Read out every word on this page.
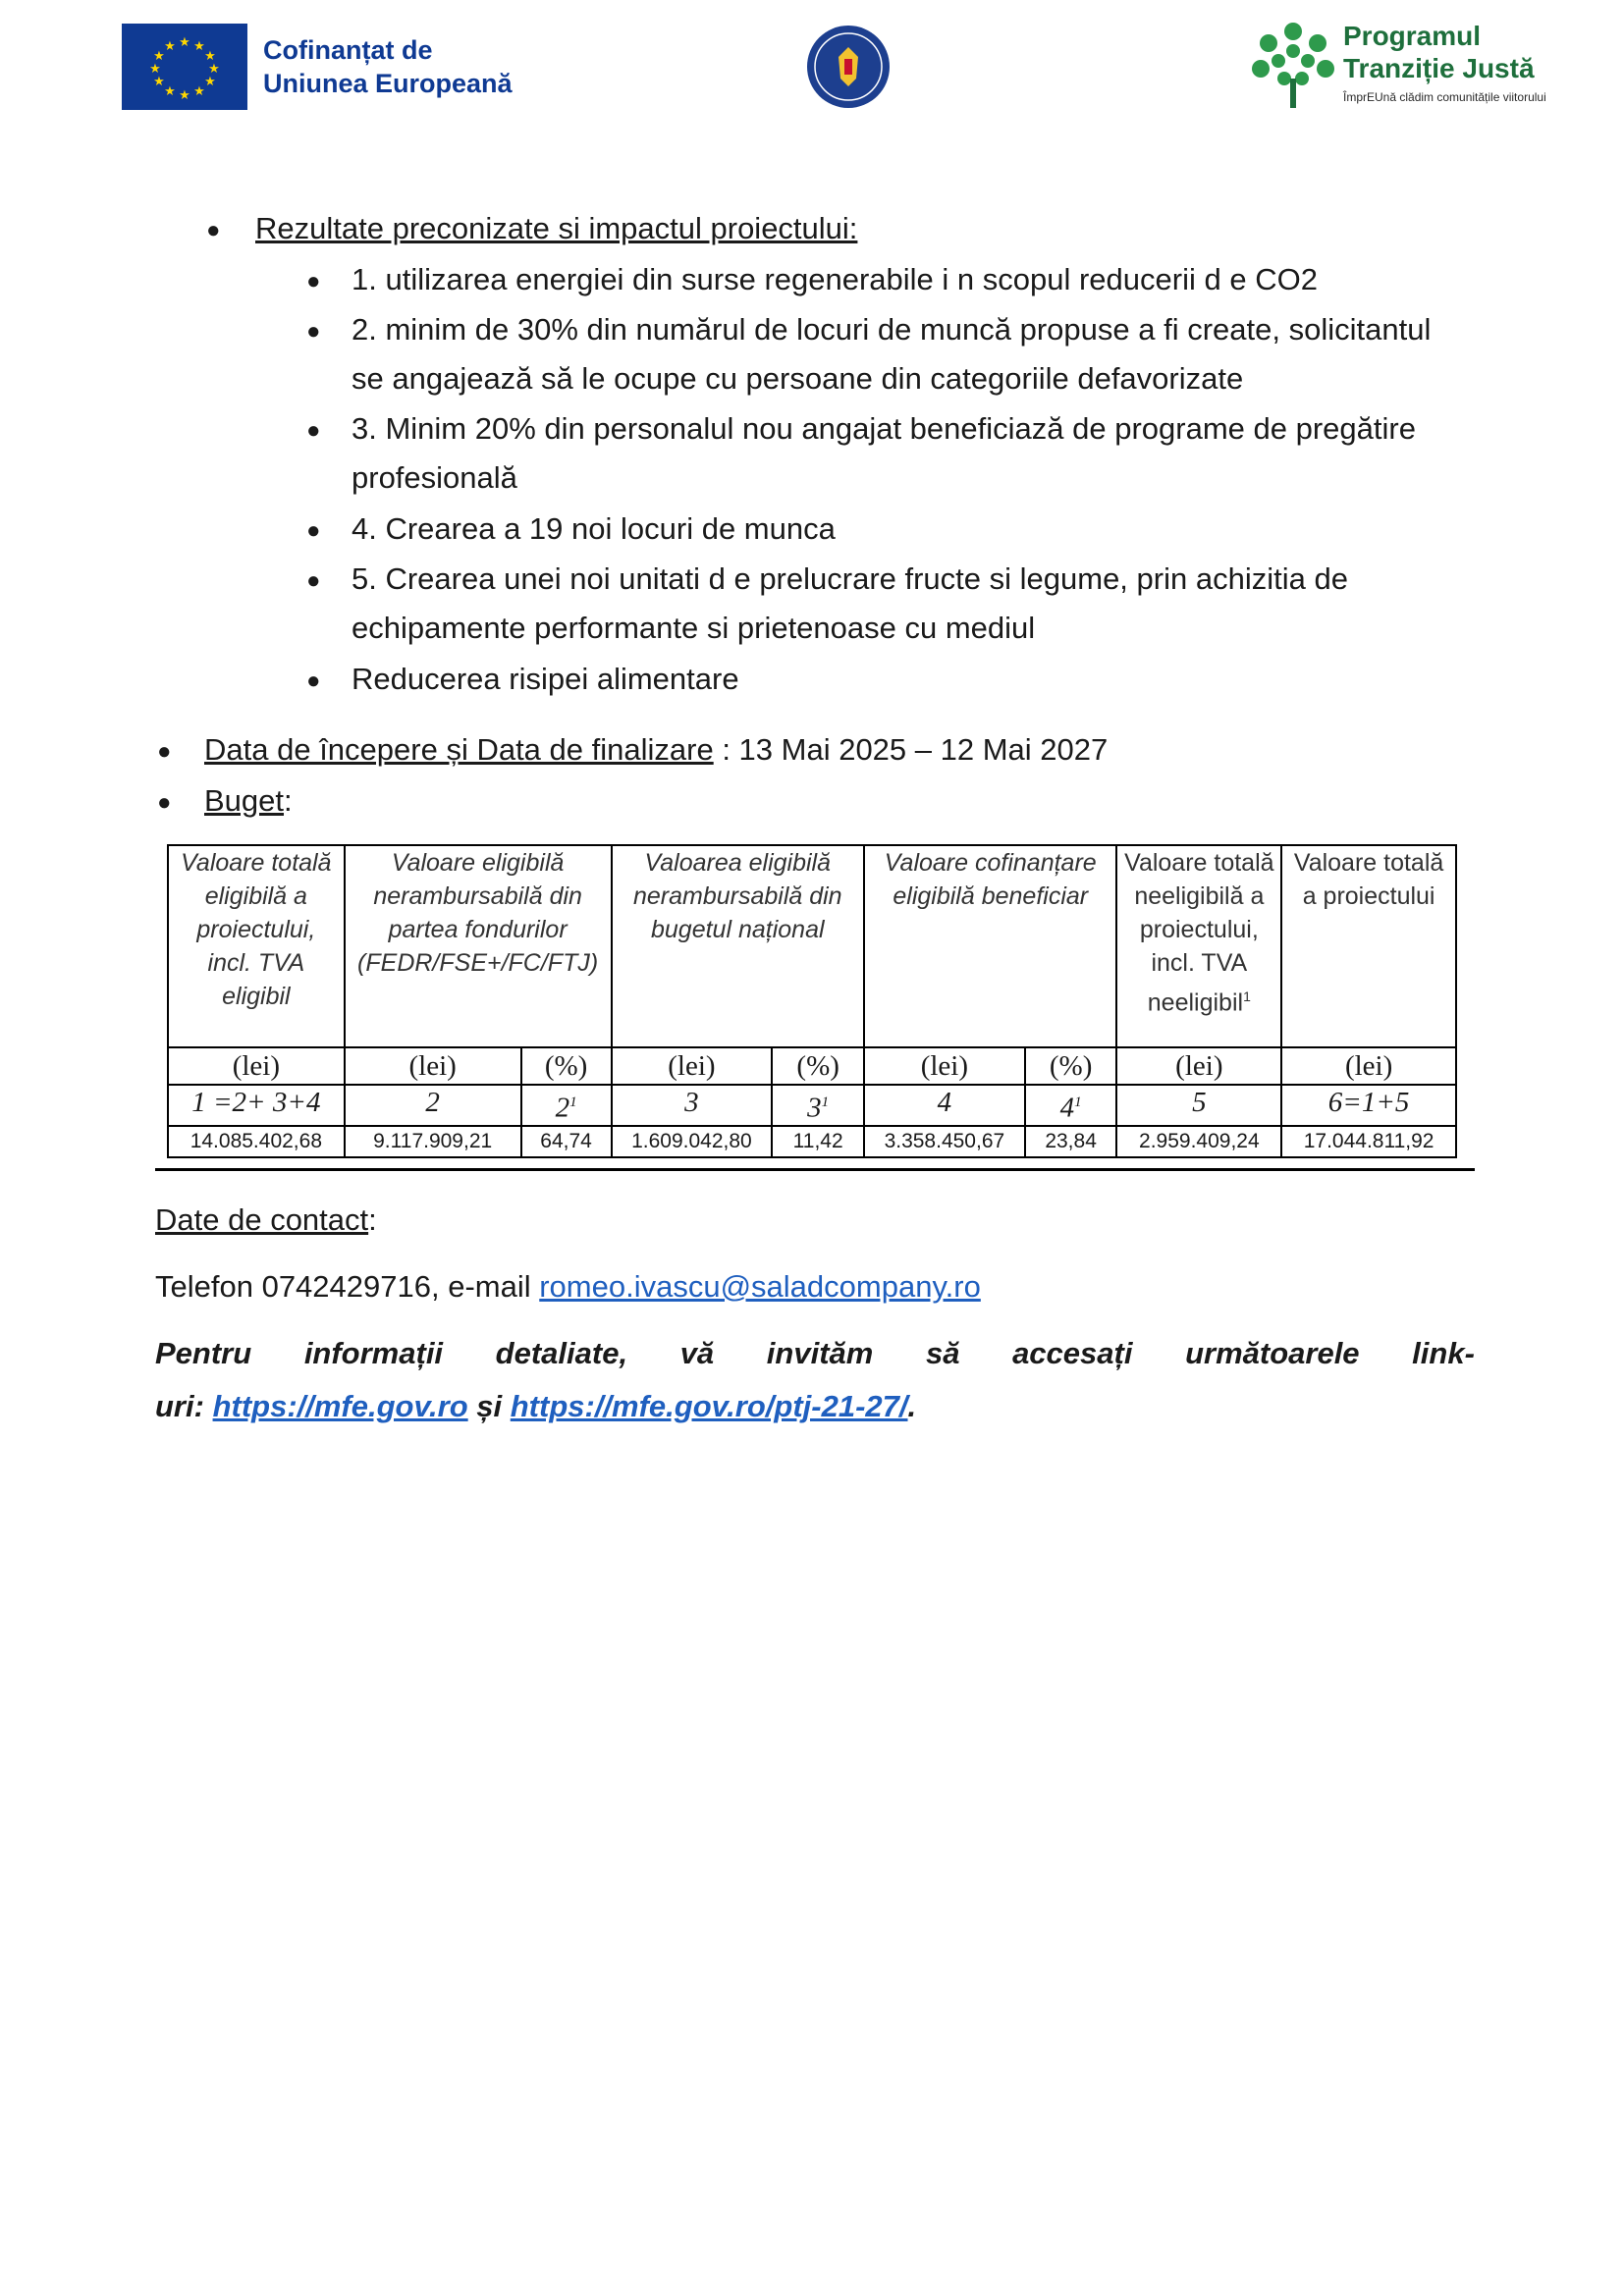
★ ★
★
★
★
★
★
★
★
★
★
★	Cofinanțat de
Uniunea Europeană
Programul
Tranziție Justă
ÎmprEUnă clădim comunitățile viitorului
● Rezultate preconizate si impactul proiectului:
● 1. utilizarea energiei din surse regenerabile i n scopul reducerii d e CO2
● 2. minim de 30% din numărul de locuri de muncă propuse a fi create, solicitantul
se angajează să le ocupe cu persoane din categoriile defavorizate
● 3. Minim 20% din personalul nou angajat beneficiază de programe de pregătire
profesională
● 4. Crearea a 19 noi locuri de munca
● 5. Crearea unei noi unitati d e prelucrare fructe si legume, prin achizitia de
echipamente performante si prietenoase cu mediul
● Reducerea risipei alimentare
● Data de începere și Data de finalizare : 13 Mai 2025 – 12 Mai 2027
● Buget:
Valoare totală eligibilă a proiectului, incl. TVA eligibil	Valoare eligibilă nerambursabilă din partea fondurilor (FEDR/FSE+/FC/FTJ)		Valoarea eligibilă nerambursabilă din bugetul național		Valoare cofinanțare eligibilă beneficiar		Valoare totală neeligibilă a proiectului, incl. TVA neeligibil$^1$	Valoare totală a proiectului
(lei)	(lei)	(%)	(lei)	(%)	(lei)	(%)	(lei)	(lei)
1 =2+ 3+4	2	$2^1$	3	$3^1$	4	$4^1$	5	6=1+5
14.085.402,68	9.117.909,21	64,74	1.609.042,80	11,42	3.358.450,67	23,84	2.959.409,24	17.044.811,92
Date de contact:
Telefon 0742429716, e-mail romeo.ivascu@saladcompany.ro
Pentru informații detaliate, vă invităm să accesați următoarele link-
uri: https://mfe.gov.ro și https://mfe.gov.ro/ptj-21-27/.
